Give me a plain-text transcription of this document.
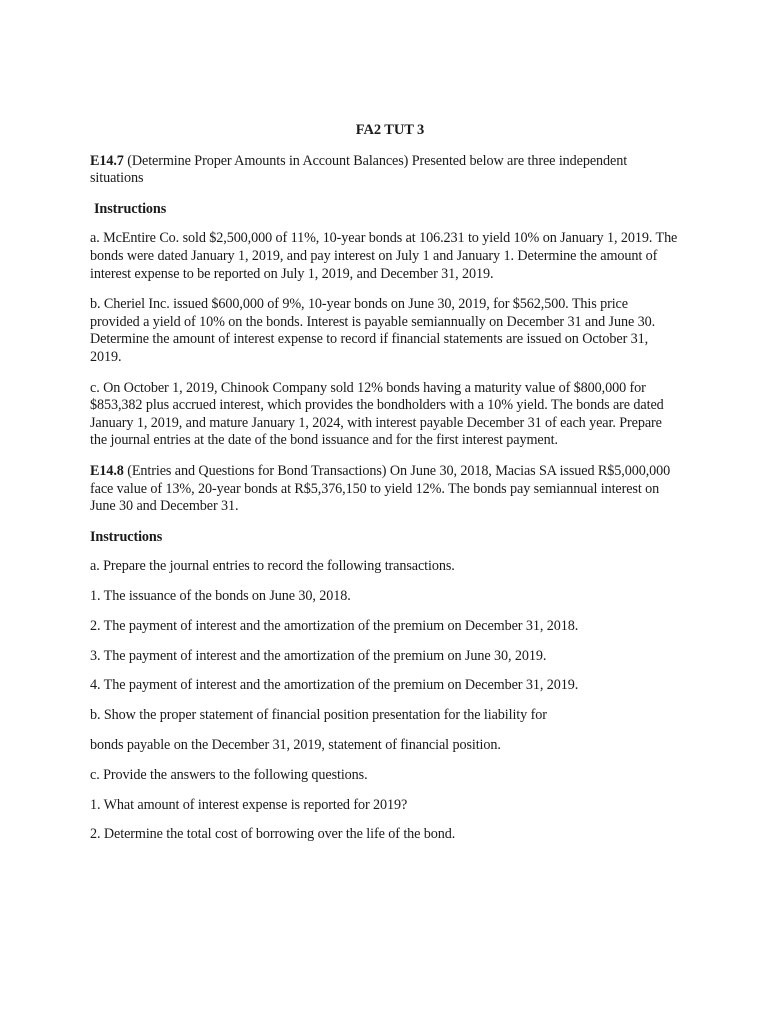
FA2 TUT 3

E14.7 (Determine Proper Amounts in Account Balances) Presented below are three independent situations

Instructions

a. McEntire Co. sold $2,500,000 of 11%, 10-year bonds at 106.231 to yield 10% on January 1, 2019. The bonds were dated January 1, 2019, and pay interest on July 1 and January 1. Determine the amount of interest expense to be reported on July 1, 2019, and December 31, 2019.

b. Cheriel Inc. issued $600,000 of 9%, 10-year bonds on June 30, 2019, for $562,500. This price provided a yield of 10% on the bonds. Interest is payable semiannually on December 31 and June 30. Determine the amount of interest expense to record if financial statements are issued on October 31, 2019.

c. On October 1, 2019, Chinook Company sold 12% bonds having a maturity value of $800,000 for $853,382 plus accrued interest, which provides the bondholders with a 10% yield. The bonds are dated January 1, 2019, and mature January 1, 2024, with interest payable December 31 of each year. Prepare the journal entries at the date of the bond issuance and for the first interest payment.

E14.8 (Entries and Questions for Bond Transactions) On June 30, 2018, Macias SA issued R$5,000,000 face value of 13%, 20-year bonds at R$5,376,150 to yield 12%. The bonds pay semiannual interest on June 30 and December 31.

Instructions
a. Prepare the journal entries to record the following transactions.
1. The issuance of the bonds on June 30, 2018.
2. The payment of interest and the amortization of the premium on December 31, 2018.
3. The payment of interest and the amortization of the premium on June 30, 2019.
4. The payment of interest and the amortization of the premium on December 31, 2019.
b. Show the proper statement of financial position presentation for the liability for
bonds payable on the December 31, 2019, statement of financial position.
c. Provide the answers to the following questions.
1. What amount of interest expense is reported for 2019?
2. Determine the total cost of borrowing over the life of the bond.
